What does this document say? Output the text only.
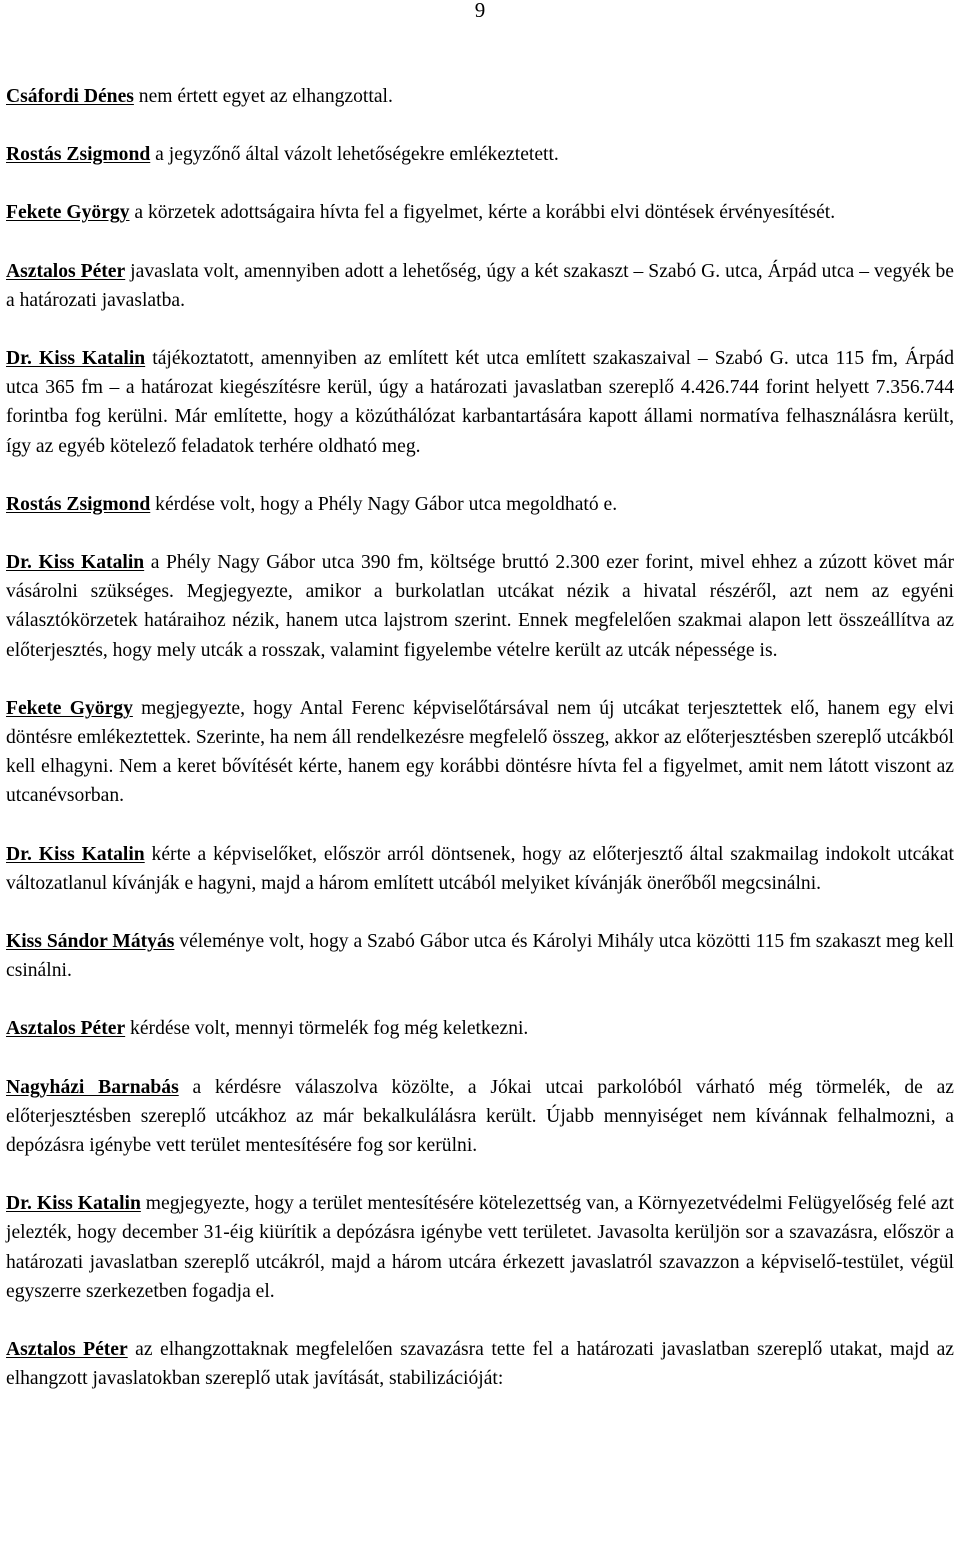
9

Csáfordi Dénes nem értett egyet az elhangzottal.

Rostás Zsigmond a jegyzőnő által vázolt lehetőségekre emlékeztetett.

Fekete György a körzetek adottságaira hívta fel a figyelmet, kérte a korábbi elvi döntések érvényesítését.

Asztalos Péter javaslata volt, amennyiben adott a lehetőség, úgy a két szakaszt – Szabó G. utca, Árpád utca – vegyék be a határozati javaslatba.

Dr. Kiss Katalin tájékoztatott, amennyiben az említett két utca említett szakaszaival – Szabó G. utca 115 fm, Árpád utca 365 fm – a határozat kiegészítésre kerül, úgy a határozati javaslatban szereplő 4.426.744 forint helyett 7.356.744 forintba fog kerülni. Már említette, hogy a közúthálózat karbantartására kapott állami normatíva felhasználásra került, így az egyéb kötelező feladatok terhére oldható meg.

Rostás Zsigmond kérdése volt, hogy a Phély Nagy Gábor utca megoldható e.

Dr. Kiss Katalin a Phély Nagy Gábor utca 390 fm, költsége bruttó 2.300 ezer forint, mivel ehhez a zúzott követ már vásárolni szükséges. Megjegyezte, amikor a burkolatlan utcákat nézik a hivatal részéről, azt nem az egyéni választókörzetek határaihoz nézik, hanem utca lajstrom szerint. Ennek megfelelően szakmai alapon lett összeállítva az előterjesztés, hogy mely utcák a rosszak, valamint figyelembe vételre került az utcák népessége is.

Fekete György megjegyezte, hogy Antal Ferenc képviselőtársával nem új utcákat terjesztettek elő, hanem egy elvi döntésre emlékeztettek. Szerinte, ha nem áll rendelkezésre megfelelő összeg, akkor az előterjesztésben szereplő utcákból kell elhagyni. Nem a keret bővítését kérte, hanem egy korábbi döntésre hívta fel a figyelmet, amit nem látott viszont az utcanévsorban.

Dr. Kiss Katalin kérte a képviselőket, először arról döntsenek, hogy az előterjesztő által szakmailag indokolt utcákat változatlanul kívánják e hagyni, majd a három említett utcából melyiket kívánják önerőből megcsinálni.

Kiss Sándor Mátyás véleménye volt, hogy a Szabó Gábor utca és Károlyi Mihály utca közötti 115 fm szakaszt meg kell csinálni.

Asztalos Péter kérdése volt, mennyi törmelék fog még keletkezni.

Nagyházi Barnabás a kérdésre válaszolva közölte, a Jókai utcai parkolóból várható még törmelék, de az előterjesztésben szereplő utcákhoz az már bekalkulálásra került. Újabb mennyiséget nem kívánnak felhalmozni, a depózásra igénybe vett terület mentesítésére fog sor kerülni.

Dr. Kiss Katalin megjegyezte, hogy a terület mentesítésére kötelezettség van, a Környezetvédelmi Felügyelőség felé azt jelezték, hogy december 31-éig kiürítik a depózásra igénybe vett területet. Javasolta kerüljön sor a szavazásra, először a határozati javaslatban szereplő utcákról, majd a három utcára érkezett javaslatról szavazzon a képviselő-testület, végül egyszerre szerkezetben fogadja el.

Asztalos Péter az elhangzottaknak megfelelően szavazásra tette fel a határozati javaslatban szereplő utakat, majd az elhangzott javaslatokban szereplő utak javítását, stabilizációját:
